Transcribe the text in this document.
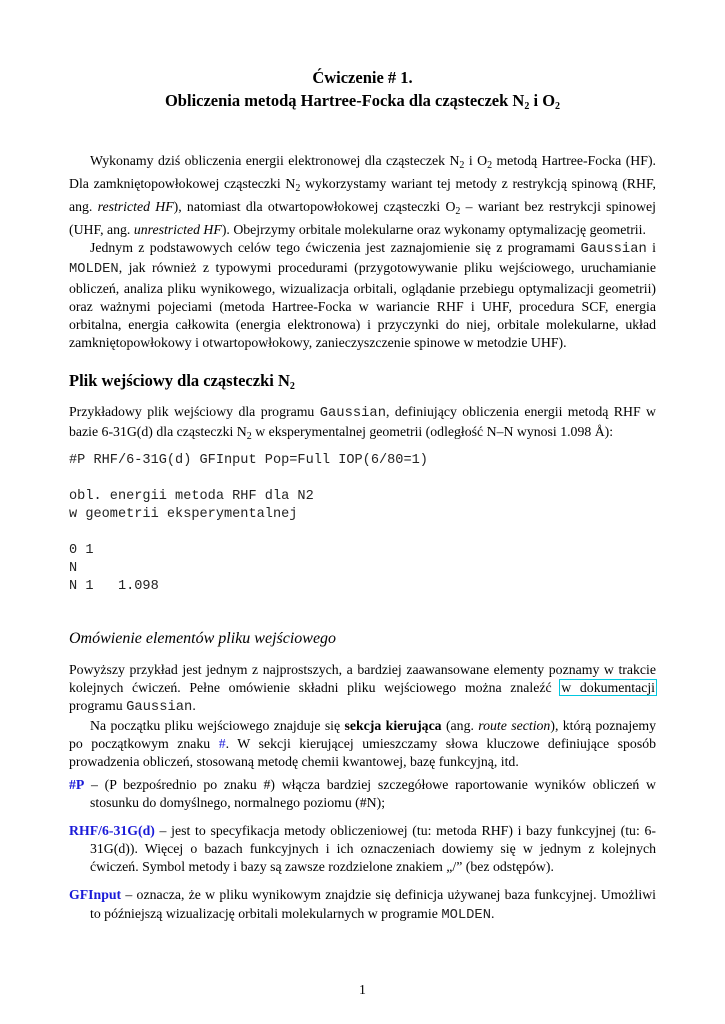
Ćwiczenie # 1.
Obliczenia metodą Hartree-Focka dla cząsteczek $N_2$ i $O_2$

Wykonamy dziś obliczenia energii elektronowej dla cząsteczek $N_2$ i $O_2$ metodą Hartree-Focka (HF). Dla zamkniętopowłokowej cząsteczki $N_2$ wykorzystamy wariant tej metody z restrykcją spinową (RHF, ang. restricted HF), natomiast dla otwartopowłokowej cząsteczki $O_2$ – wariant bez restrykcji spinowej (UHF, ang. unrestricted HF). Obejrzymy orbitale molekularne oraz wykonamy optymalizację geometrii.

Jednym z podstawowych celów tego ćwiczenia jest zaznajomienie się z programami Gaussian i MOLDEN, jak również z typowymi procedurami (przygotowywanie pliku wejściowego, uruchamianie obliczeń, analiza pliku wynikowego, wizualizacja orbitali, oglądanie przebiegu optymalizacji geometrii) oraz ważnymi pojeciami (metoda Hartree-Focka w wariancie RHF i UHF, procedura SCF, energia orbitalna, energia całkowita (energia elektronowa) i przyczynki do niej, orbitale molekularne, układ zamkniętopowłokowy i otwartopowłokowy, zanieczyszczenie spinowe w metodzie UHF).

Plik wejściowy dla cząsteczki $N_2$

Przykładowy plik wejściowy dla programu Gaussian, definiujący obliczenia energii metodą RHF w bazie 6-31G(d) dla cząsteczki $N_2$ w eksperymentalnej geometrii (odległość N–N wynosi 1.098 Å):

#P RHF/6-31G(d) GFInput Pop=Full IOP(6/80=1)

obl. energii metoda RHF dla N2
w geometrii eksperymentalnej

0 1
N
N 1   1.098
Omówienie elementów pliku wejściowego

Powyższy przykład jest jednym z najprostszych, a bardziej zaawansowane elementy poznamy w trakcie kolejnych ćwiczeń. Pełne omówienie składni pliku wejściowego można znaleźć w dokumentacji programu Gaussian.

Na początku pliku wejściowego znajduje się sekcja kierująca (ang. route section), którą poznajemy po początkowym znaku #. W sekcji kierującej umieszczamy słowa kluczowe definiujące sposób prowadzenia obliczeń, stosowaną metodę chemii kwantowej, bazę funkcyjną, itd.

#P – (P bezpośrednio po znaku #) włącza bardziej szczegółowe raportowanie wyników obliczeń w stosunku do domyślnego, normalnego poziomu (#N);

RHF/6-31G(d) – jest to specyfikacja metody obliczeniowej (tu: metoda RHF) i bazy funkcyjnej (tu: 6-31G(d)). Więcej o bazach funkcyjnych i ich oznaczeniach dowiemy się w jednym z kolejnych ćwiczeń. Symbol metody i bazy są zawsze rozdzielone znakiem „/” (bez odstępów).

GFInput – oznacza, że w pliku wynikowym znajdzie się definicja używanej baza funkcyjnej. Umożliwi to późniejszą wizualizację orbitali molekularnych w programie MOLDEN.

1
